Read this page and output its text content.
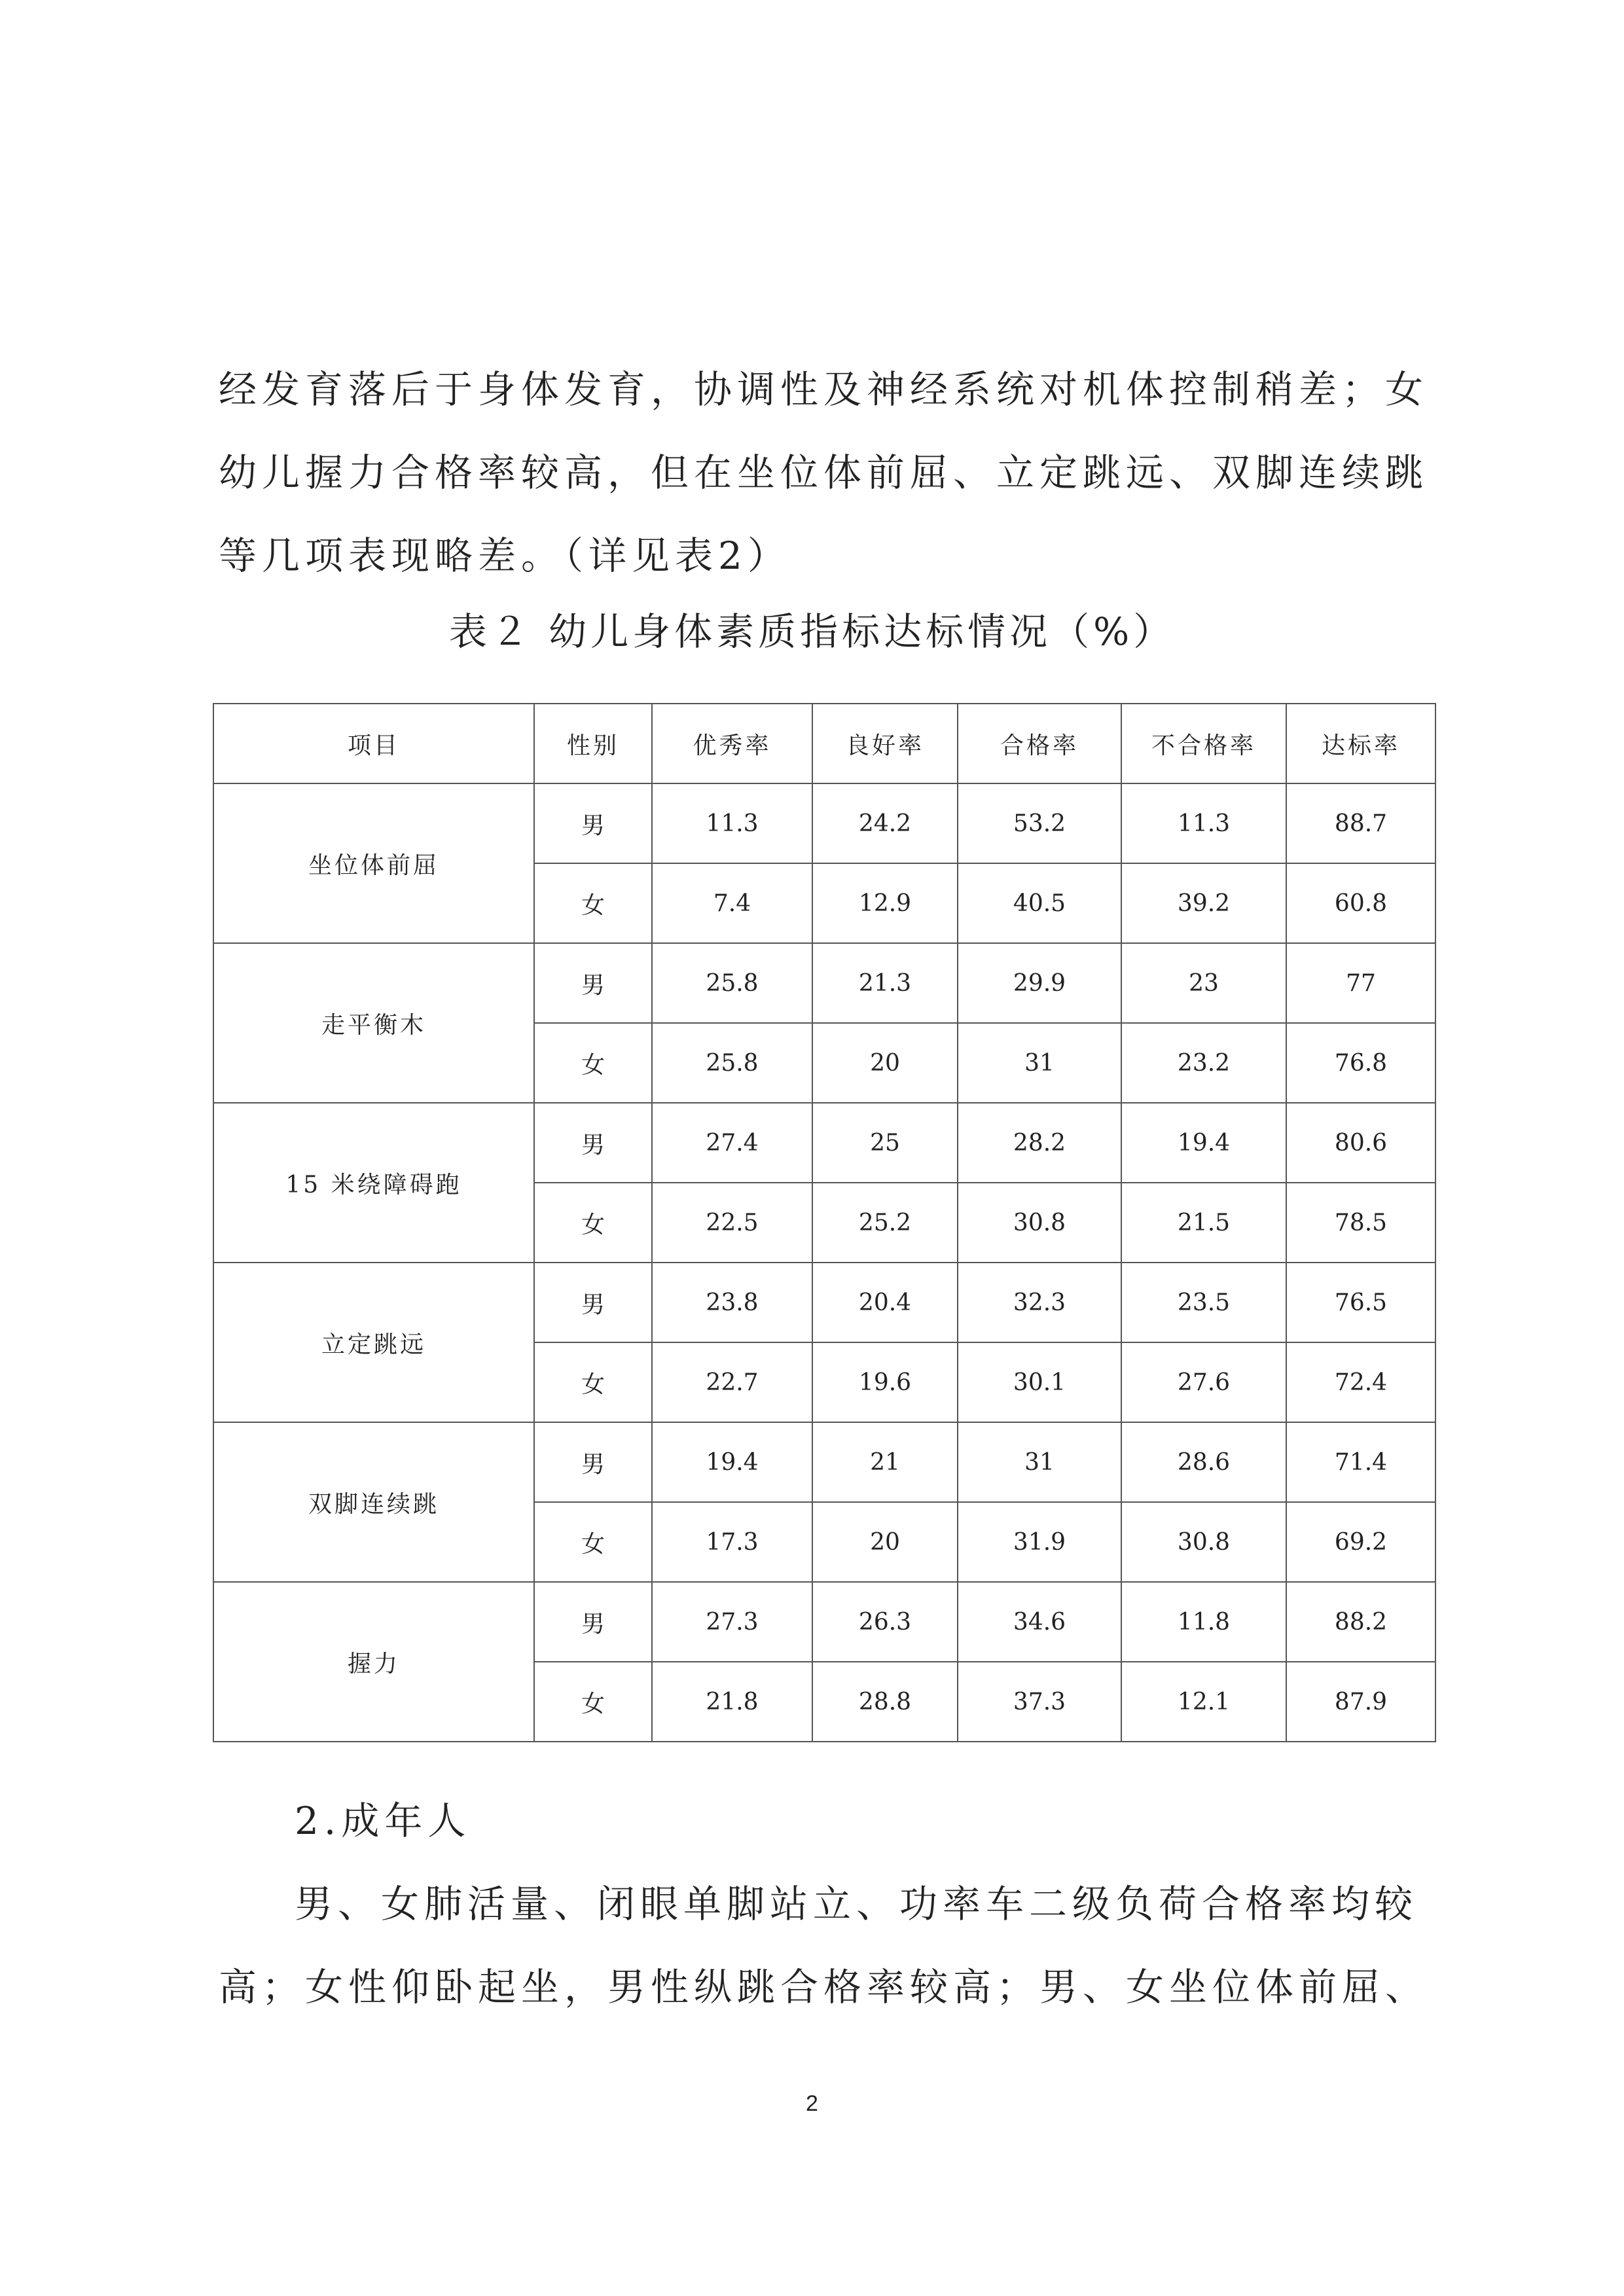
经发育落后于身体发育，协调性及神经系统对机体控制稍差；女
幼儿握力合格率较高，但在坐位体前屈、立定跳远、双脚连续跳
等几项表现略差。（详见表2）
表２ 幼儿身体素质指标达标情况（%）
项目	性别	优秀率	良好率	合格率	不合格率	达标率
坐位体前屈	男	11.3	24.2	53.2	11.3	88.7
	女	7.4	12.9	40.5	39.2	60.8
走平衡木	男	25.8	21.3	29.9	23	77
	女	25.8	20	31	23.2	76.8
15 米绕障碍跑	男	27.4	25	28.2	19.4	80.6
	女	22.5	25.2	30.8	21.5	78.5
立定跳远	男	23.8	20.4	32.3	23.5	76.5
	女	22.7	19.6	30.1	27.6	72.4
双脚连续跳	男	19.4	21	31	28.6	71.4
	女	17.3	20	31.9	30.8	69.2
握力	男	27.3	26.3	34.6	11.8	88.2
	女	21.8	28.8	37.3	12.1	87.9
2.成年人
男、女肺活量、闭眼单脚站立、功率车二级负荷合格率均较
高；女性仰卧起坐，男性纵跳合格率较高；男、女坐位体前屈、
2
